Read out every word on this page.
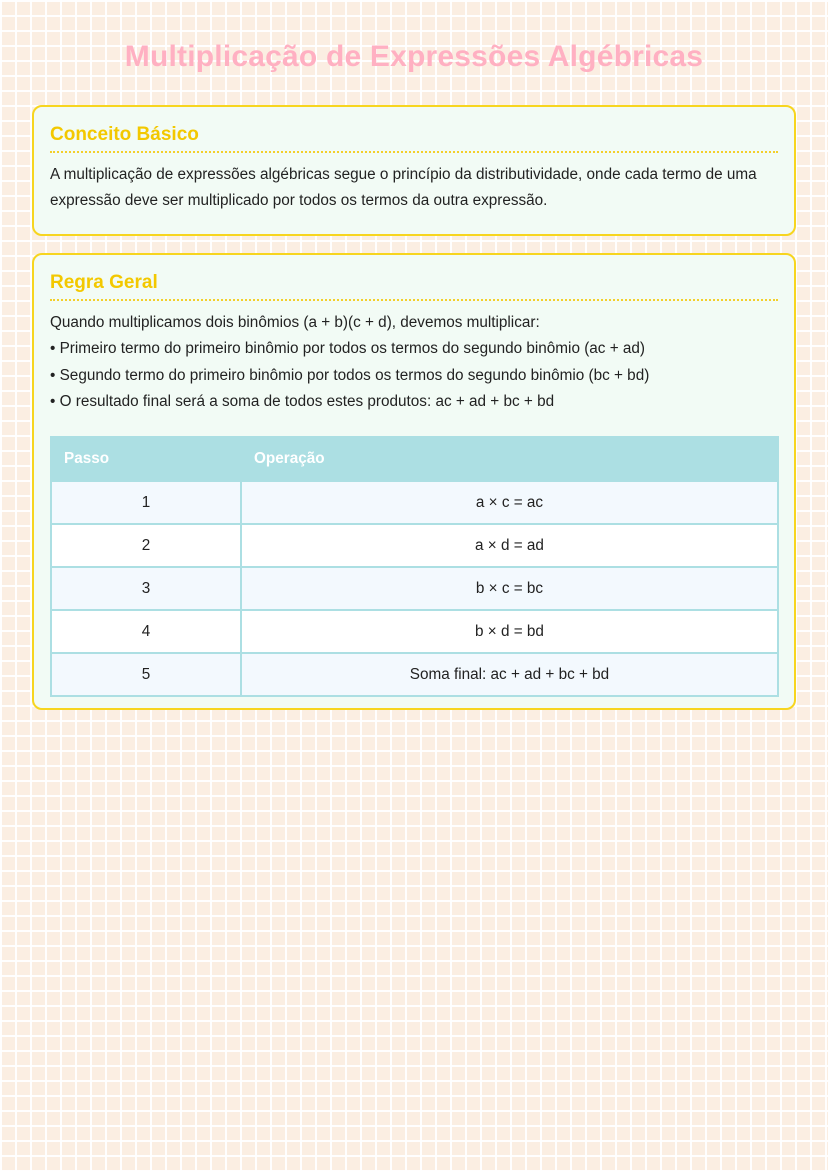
Multiplicação de Expressões Algébricas
Conceito Básico

A multiplicação de expressões algébricas segue o princípio da distributividade, onde cada termo de uma expressão deve ser multiplicado por todos os termos da outra expressão.

Regra Geral
Quando multiplicamos dois binômios (a + b)(c + d), devemos multiplicar:
• Primeiro termo do primeiro binômio por todos os termos do segundo binômio (ac + ad)
• Segundo termo do primeiro binômio por todos os termos do segundo binômio (bc + bd)
• O resultado final será a soma de todos estes produtos: ac + ad + bc + bd
Passo	Operação
1	a × c = ac
2	a × d = ad
3	b × c = bc
4	b × d = bd
5	Soma final: ac + ad + bc + bd
